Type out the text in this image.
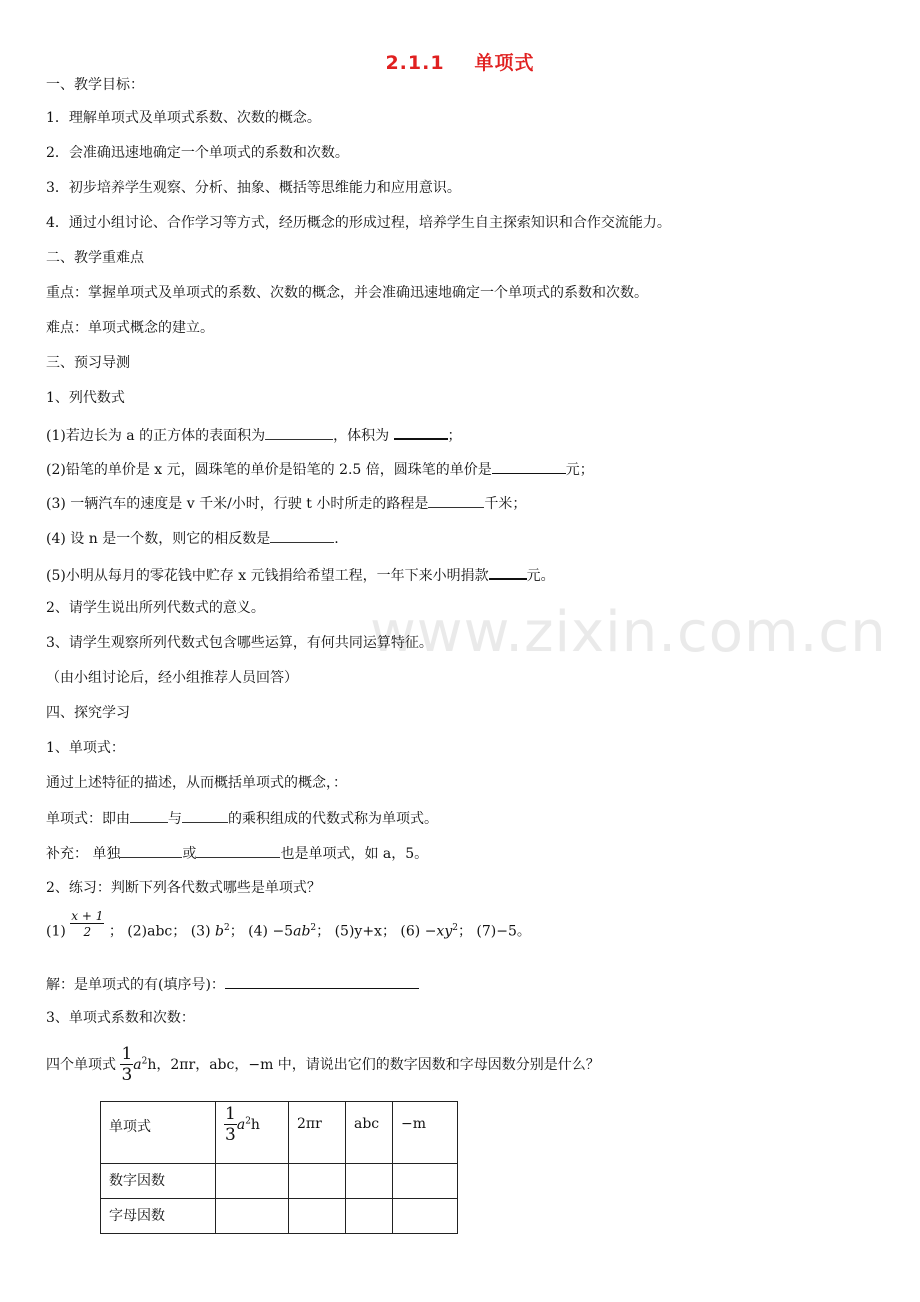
www.zixin.com.cn
2.1.1 单项式
一、教学目标：
1．理解单项式及单项式系数、次数的概念。
2．会准确迅速地确定一个单项式的系数和次数。
3．初步培养学生观察、分析、抽象、概括等思维能力和应用意识。
4．通过小组讨论、合作学习等方式，经历概念的形成过程，培养学生自主探索知识和合作交流能力。
二、教学重难点
重点：掌握单项式及单项式的系数、次数的概念，并会准确迅速地确定一个单项式的系数和次数。
难点：单项式概念的建立。
三、预习导测
1、列代数式
(1)若边长为 a 的正方体的表面积为	，体积为	；
(2)铅笔的单价是 x 元，圆珠笔的单价是铅笔的 2.5 倍，圆珠笔的单价是	元；
(3) 一辆汽车的速度是 v 千米/小时，行驶 t 小时所走的路程是	千米；
(4) 设 n 是一个数，则它的相反数是	.
(5)小明从每月的零花钱中贮存 x 元钱捐给希望工程，一年下来小明捐款	元。
2、请学生说出所列代数式的意义。
3、请学生观察所列代数式包含哪些运算，有何共同运算特征。
（由小组讨论后，经小组推荐人员回答）
四、探究学习
1、单项式：
通过上述特征的描述，从而概括单项式的概念，：
单项式：即由	与	的乘积组成的代数式称为单项式。
补充： 单独	或	也是单项式，如 a，5。
2、练习：判断下列各代数式哪些是单项式？
$(1) \frac{x + 1}{2}$ ； (2)abc； (3) $b^2$； $(4) -5ab^2$； (5)y+x； $(6) -xy^2$； (7)−5。
解：是单项式的有(填序号)：
3、单项式系数和次数：
四个单项式 $\frac{1}{3} a^2h$，2πr，abc，−m 中，请说出它们的数字因数和字母因数分别是什么？
单项式	$\frac{1}{3} a^2h$	2πr	abc	−m
数字因数				
字母因数				
